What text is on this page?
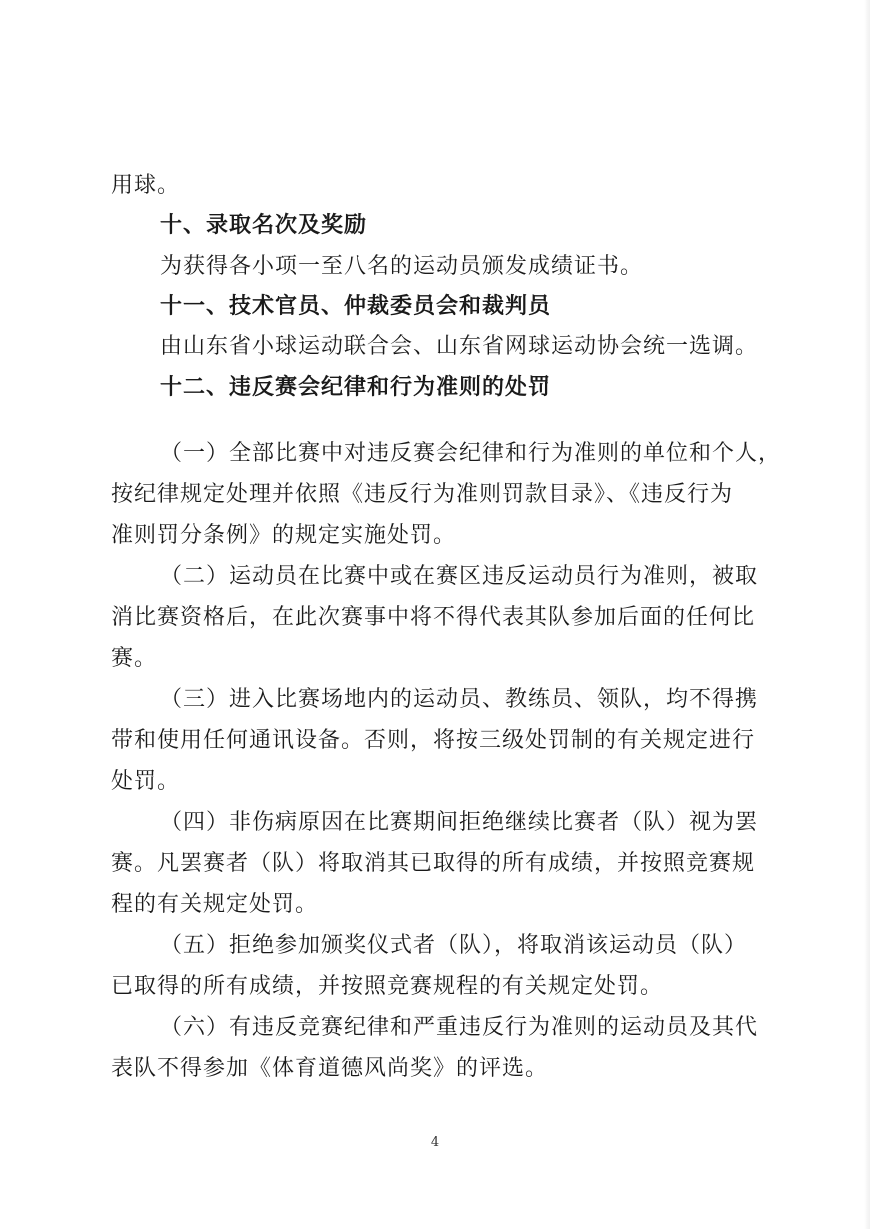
用球。
十、录取名次及奖励
为获得各小项一至八名的运动员颁发成绩证书。
十一、技术官员、仲裁委员会和裁判员
由山东省小球运动联合会、山东省网球运动协会统一选调。
十二、违反赛会纪律和行为准则的处罚
（一）全部比赛中对违反赛会纪律和行为准则的单位和个人，
按纪律规定处理并依照《违反行为准则罚款目录》、《违反行为
准则罚分条例》的规定实施处罚。
（二）运动员在比赛中或在赛区违反运动员行为准则，被取
消比赛资格后，在此次赛事中将不得代表其队参加后面的任何比
赛。
（三）进入比赛场地内的运动员、教练员、领队，均不得携
带和使用任何通讯设备。否则，将按三级处罚制的有关规定进行
处罚。
（四）非伤病原因在比赛期间拒绝继续比赛者（队）视为罢
赛。凡罢赛者（队）将取消其已取得的所有成绩，并按照竞赛规
程的有关规定处罚。
（五）拒绝参加颁奖仪式者（队），将取消该运动员（队）
已取得的所有成绩，并按照竞赛规程的有关规定处罚。
（六）有违反竞赛纪律和严重违反行为准则的运动员及其代
表队不得参加《体育道德风尚奖》的评选。
4
